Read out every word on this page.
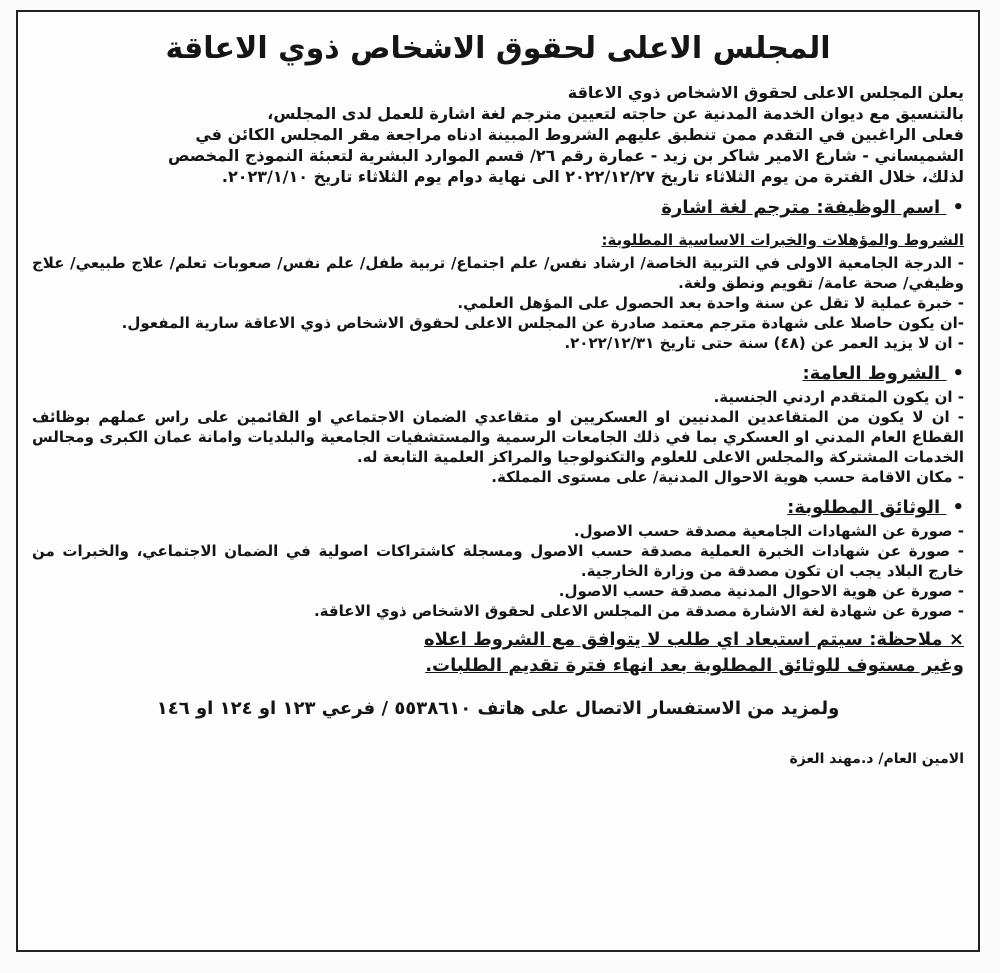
المجلس الاعلى لحقوق الاشخاص ذوي الاعاقة

يعلن المجلس الاعلى لحقوق الاشخاص ذوي الاعاقة

بالتنسيق مع ديوان الخدمة المدنية عن حاجته لتعيين مترجم لغة اشارة للعمل لدى المجلس،

فعلى الراغبين في التقدم ممن تنطبق عليهم الشروط المبينة ادناه مراجعة مقر المجلس الكائن في

الشميساني - شارع الامير شاكر بن زيد - عمارة رقم ٢٦/ قسم الموارد البشرية لتعبئة النموذج المخصص

لذلك، خلال الفترة من يوم الثلاثاء تاريخ ٢٠٢٢/١٢/٢٧ الى نهاية دوام يوم الثلاثاء تاريخ ٢٠٢٣/١/١٠.

• اسم الوظيفة: مترجم لغة اشارة
الشروط والمؤهلات والخبرات الاساسية المطلوبة:
- الدرجة الجامعية الاولى في التربية الخاصة/ ارشاد نفس/ علم اجتماع/ تربية طفل/ علم نفس/ صعوبات تعلم/ علاج طبيعي/ علاج وظيفي/ صحة عامة/ تقويم ونطق ولغة.
- خبرة عملية لا تقل عن سنة واحدة بعد الحصول على المؤهل العلمي.
-ان يكون حاصلا على شهادة مترجم معتمد صادرة عن المجلس الاعلى لحقوق الاشخاص ذوي الاعاقة سارية المفعول.
- ان لا يزيد العمر عن (٤٨) سنة حتى تاريخ ٢٠٢٢/١٢/٣١.
• الشروط العامة:
- ان يكون المتقدم اردني الجنسية.
- ان لا يكون من المتقاعدين المدنيين او العسكريين او متقاعدي الضمان الاجتماعي او القائمين على راس عملهم بوظائف القطاع العام المدني او العسكري بما في ذلك الجامعات الرسمية والمستشفيات الجامعية والبلديات وامانة عمان الكبرى ومجالس الخدمات المشتركة والمجلس الاعلى للعلوم والتكنولوجيا والمراكز العلمية التابعة له.
- مكان الاقامة حسب هوية الاحوال المدنية/ على مستوى المملكة.
• الوثائق المطلوبة:
- صورة عن الشهادات الجامعية مصدقة حسب الاصول.
- صورة عن شهادات الخبرة العملية مصدقة حسب الاصول ومسجلة كاشتراكات اصولية في الضمان الاجتماعي، والخبرات من خارج البلاد يجب ان تكون مصدقة من وزارة الخارجية.
- صورة عن هوية الاحوال المدنية مصدقة حسب الاصول.
- صورة عن شهادة لغة الاشارة مصدقة من المجلس الاعلى لحقوق الاشخاص ذوي الاعاقة.
× ملاحظة: سيتم استبعاد اي طلب لا يتوافق مع الشروط اعلاه
وغير مستوف للوثائق المطلوبة بعد انهاء فترة تقديم الطلبات.
ولمزيد من الاستفسار الاتصال على هاتف ٥٥٣٨٦١٠ / فرعي ١٢٣ او ١٢٤ او ١٤٦
الامين العام/ د.مهند العزة
